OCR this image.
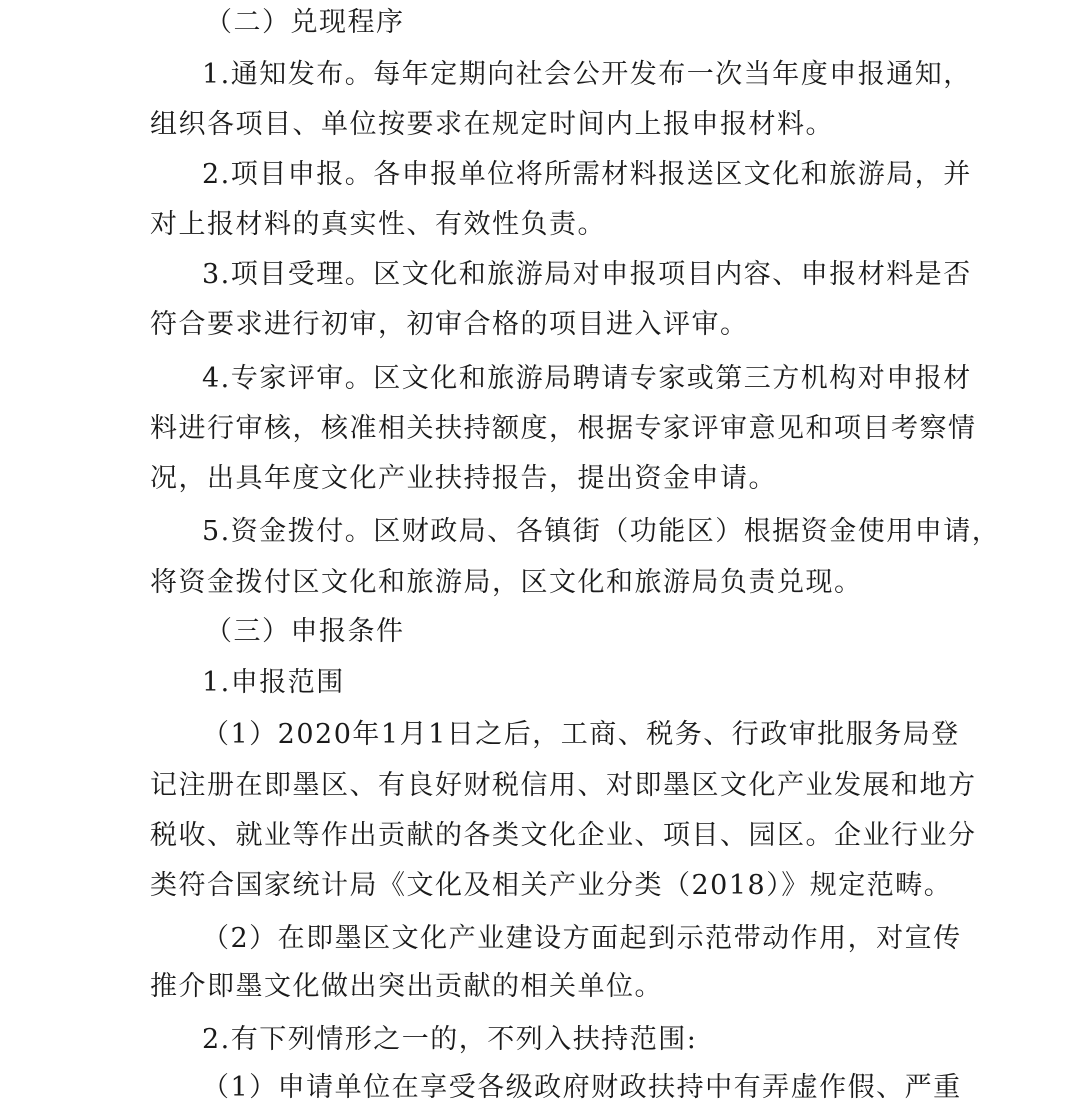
（二）兑现程序
1.通知发布。每年定期向社会公开发布一次当年度申报通知，
组织各项目、单位按要求在规定时间内上报申报材料。
2.项目申报。各申报单位将所需材料报送区文化和旅游局，并
对上报材料的真实性、有效性负责。
3.项目受理。区文化和旅游局对申报项目内容、申报材料是否
符合要求进行初审，初审合格的项目进入评审。
4.专家评审。区文化和旅游局聘请专家或第三方机构对申报材
料进行审核，核准相关扶持额度，根据专家评审意见和项目考察情
况，出具年度文化产业扶持报告，提出资金申请。
5.资金拨付。区财政局、各镇街（功能区）根据资金使用申请，
将资金拨付区文化和旅游局，区文化和旅游局负责兑现。
（三）申报条件
1.申报范围
（1）2020年1月1日之后，工商、税务、行政审批服务局登
记注册在即墨区、有良好财税信用、对即墨区文化产业发展和地方
税收、就业等作出贡献的各类文化企业、项目、园区。企业行业分
类符合国家统计局《文化及相关产业分类（2018）》规定范畴。
（2）在即墨区文化产业建设方面起到示范带动作用，对宣传
推介即墨文化做出突出贡献的相关单位。
2.有下列情形之一的，不列入扶持范围:
（1）申请单位在享受各级政府财政扶持中有弄虚作假、严重
